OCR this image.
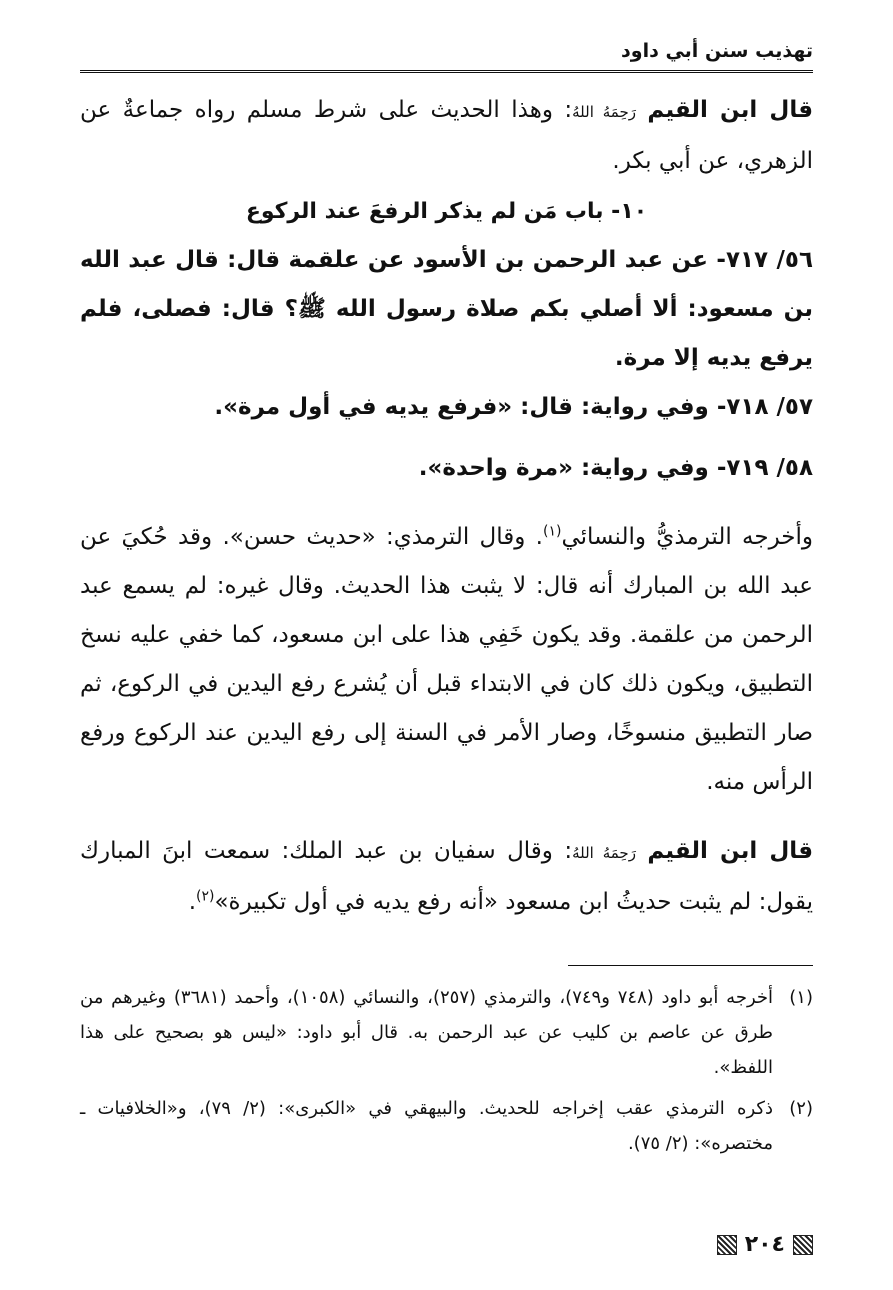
تهذيب سنن أبي داود

قال ابن القيم رَحِمَهُ اللهُ: وهذا الحديث على شرط مسلم رواه جماعةٌ عن الزهري، عن أبي بكر.

١٠- باب مَن لم يذكر الرفعَ عند الركوع

٥٦/ ٧١٧- عن عبد الرحمن بن الأسود عن علقمة قال: قال عبد الله بن مسعود: ألا أصلي بكم صلاة رسول الله ﷺ؟ قال: فصلى، فلم يرفع يديه إلا مرة.

٥٧/ ٧١٨- وفي رواية: قال: «فرفع يديه في أول مرة».

٥٨/ ٧١٩- وفي رواية: «مرة واحدة».

وأخرجه الترمذيُّ والنسائي$^{(١)}$. وقال الترمذي: «حديث حسن». وقد حُكيَ عن عبد الله بن المبارك أنه قال: لا يثبت هذا الحديث. وقال غيره: لم يسمع عبد الرحمن من علقمة. وقد يكون خَفِي هذا على ابن مسعود، كما خفي عليه نسخ التطبيق، ويكون ذلك كان في الابتداء قبل أن يُشرع رفع اليدين في الركوع، ثم صار التطبيق منسوخًا، وصار الأمر في السنة إلى رفع اليدين عند الركوع ورفع الرأس منه.

قال ابن القيم رَحِمَهُ اللهُ: وقال سفيان بن عبد الملك: سمعت ابنَ المبارك يقول: لم يثبت حديثُ ابن مسعود «أنه رفع يديه في أول تكبيرة»$^{(٢)}$.

(١)
أخرجه أبو داود (٧٤٨ و٧٤٩)، والترمذي (٢٥٧)، والنسائي (١٠٥٨)، وأحمد (٣٦٨١) وغيرهم من طرق عن عاصم بن كليب عن عبد الرحمن به. قال أبو داود: «ليس هو بصحيح على هذا اللفظ».
(٢)
ذكره الترمذي عقب إخراجه للحديث. والبيهقي في «الكبرى»: (٢/ ٧٩)، و«الخلافيات ـ مختصره»: (٢/ ٧٥).
٢٠٤
